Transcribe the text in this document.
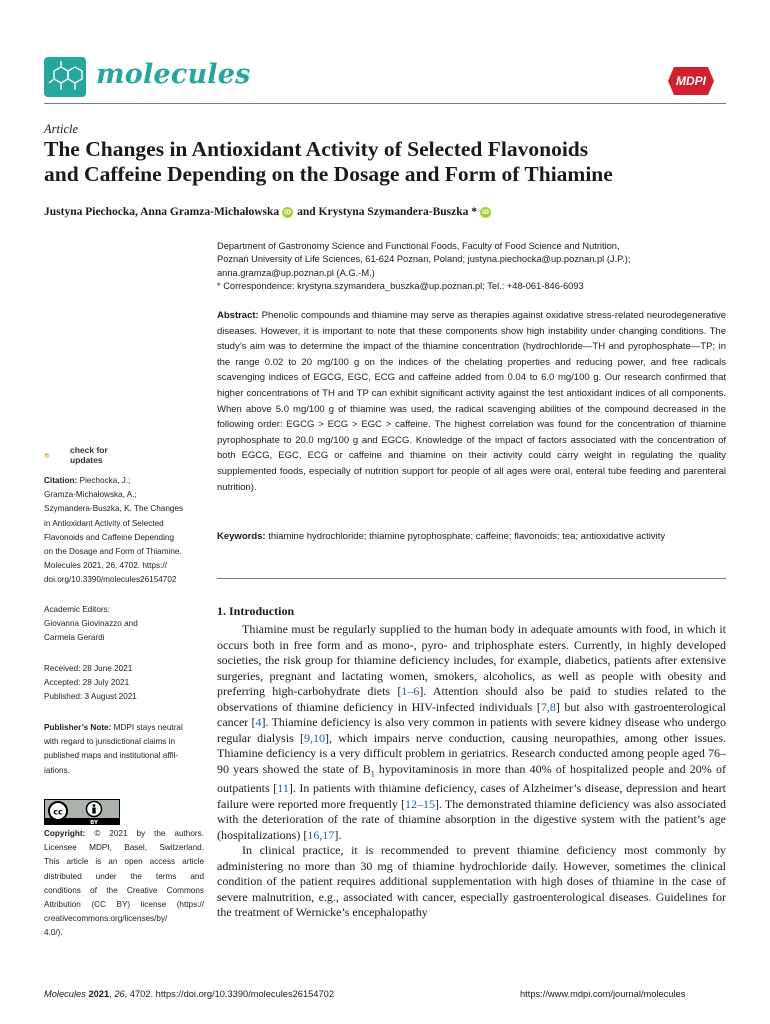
molecules	MDPI
Article
The Changes in Antioxidant Activity of Selected Flavonoids
and Caffeine Depending on the Dosage and Form of Thiamine
Justyna Piechocka, Anna Gramza-Michałowska iD and Krystyna Szymandera-Buszka * iD
Department of Gastronomy Science and Functional Foods, Faculty of Food Science and Nutrition,
Poznań University of Life Sciences, 61-624 Poznan, Poland; justyna.piechocka@up.poznan.pl (J.P.);
anna.gramza@up.poznan.pl (A.G.-M.)
* Correspondence: krystyna.szymandera_buszka@up.poznan.pl; Tel.: +48-061-846-6093
Abstract: Phenolic compounds and thiamine may serve as therapies against oxidative stress-related neurodegenerative diseases. However, it is important to note that these components show high instability under changing conditions. The study’s aim was to determine the impact of the thiamine concentration (hydrochloride—TH and pyrophosphate—TP; in the range 0.02 to 20 mg/100 g on the indices of the chelating properties and reducing power, and free radicals scavenging indices of EGCG, EGC, ECG and caffeine added from 0.04 to 6.0 mg/100 g. Our research confirmed that higher concentrations of TH and TP can exhibit significant activity against the test antioxidant indices of all components. When above 5.0 mg/100 g of thiamine was used, the radical scavenging abilities of the compound decreased in the following order: EGCG > ECG > EGC > caffeine. The highest correlation was found for the concentration of thiamine pyrophosphate to 20.0 mg/100 g and EGCG. Knowledge of the impact of factors associated with the concentration of both EGCG, EGC, ECG or caffeine and thiamine on their activity could carry weight in regulating the quality supplemented foods, especially of nutrition support for people of all ages were oral, enteral tube feeding and parenteral nutrition).
Keywords: thiamine hydrochloride; thiamine pyrophosphate; caffeine; flavonoids; tea; antioxidative activity
check for
updates
Citation: Piechocka, J.;
Gramza-Michałowska, A.;
Szymandera-Buszka, K. The Changes
in Antioxidant Activity of Selected
Flavonoids and Caffeine Depending
on the Dosage and Form of Thiamine.
Molecules 2021, 26, 4702. https://
doi.org/10.3390/molecules26154702
Academic Editors:
Giovanna Giovinazzo and
Carmela Gerardi
Received: 28 June 2021
Accepted: 28 July 2021
Published: 3 August 2021
Publisher’s Note: MDPI stays neutral
with regard to jurisdictional claims in
published maps and institutional affil-
iations.
cc
BY
Copyright: © 2021 by the authors.
Licensee MDPI, Basel, Switzerland.
This article is an open access article
distributed under the terms and
conditions of the Creative Commons
Attribution (CC BY) license (https://
creativecommons.org/licenses/by/
4.0/).
1. Introduction

Thiamine must be regularly supplied to the human body in adequate amounts with food, in which it occurs both in free form and as mono-, pyro- and triphosphate esters. Currently, in highly developed societies, the risk group for thiamine deficiency includes, for example, diabetics, patients after extensive surgeries, pregnant and lactating women, smokers, alcoholics, as well as people with obesity and preferring high-carbohydrate diets [1–6]. Attention should also be paid to studies related to the observations of thiamine deficiency in HIV-infected individuals [7,8] but also with gastroenterological cancer [4]. Thiamine deficiency is also very common in patients with severe kidney disease who undergo regular dialysis [9,10], which impairs nerve conduction, causing neuropathies, among other issues. Thiamine deficiency is a very difficult problem in geriatrics. Research conducted among people aged 76–90 years showed the state of $B_1$ hypovitaminosis in more than 40% of hospitalized people and 20% of outpatients [11]. In patients with thiamine deficiency, cases of Alzheimer’s disease, depression and heart failure were reported more frequently [12–15]. The demonstrated thiamine deficiency was also associated with the deterioration of the rate of thiamine absorption in the digestive system with the patient’s age (hospitalizations) [16,17].

In clinical practice, it is recommended to prevent thiamine deficiency most commonly by administering no more than 30 mg of thiamine hydrochloride daily. However, sometimes the clinical condition of the patient requires additional supplementation with high doses of thiamine in the case of severe malnutrition, e.g., associated with cancer, especially gastroenterological diseases. Guidelines for the treatment of Wernicke’s encephalopathy

Molecules 2021, 26, 4702. https://doi.org/10.3390/molecules26154702	https://www.mdpi.com/journal/molecules
